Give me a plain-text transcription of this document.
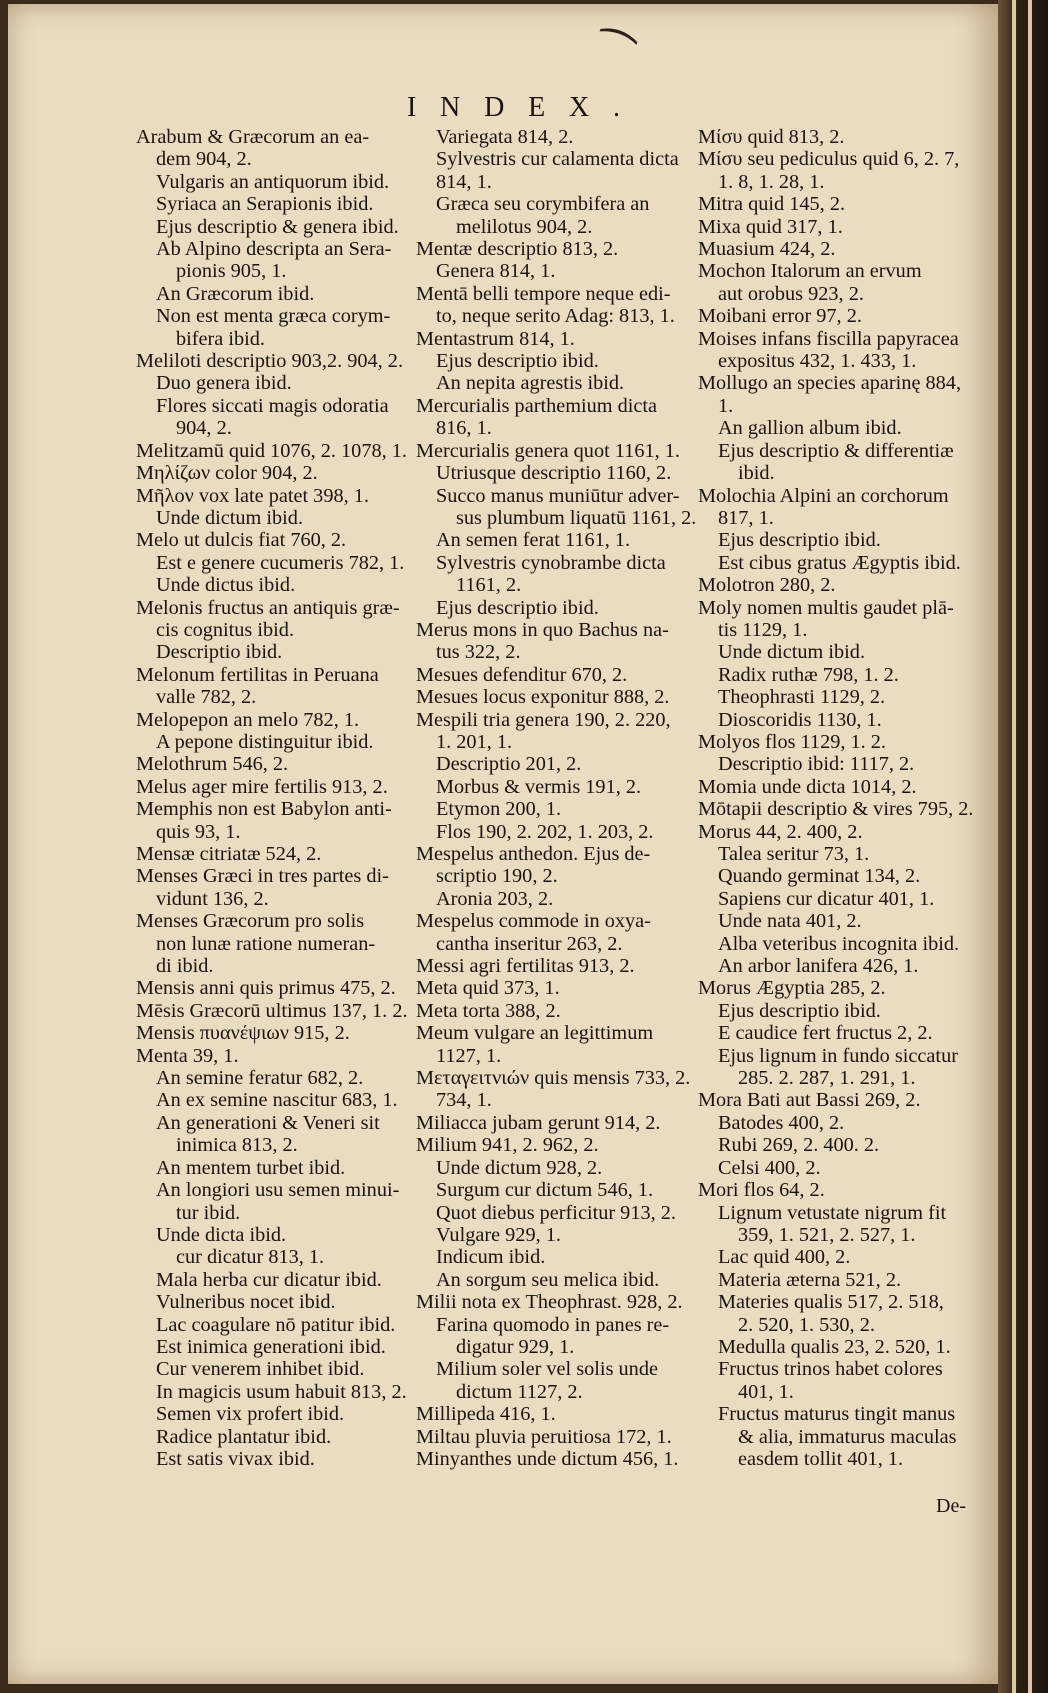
⁀
INDEX.
Arabum & Græcorum an ea-
dem 904, 2.
Vulgaris an antiquorum ibid.
Syriaca an Serapionis ibid.
Ejus descriptio & genera ibid.
Ab Alpino descripta an Sera-
pionis 905, 1.
An Græcorum ibid.
Non est menta græca corym-
bifera ibid.
Meliloti descriptio 903,2. 904, 2.
Duo genera ibid.
Flores siccati magis odoratia
904, 2.
Melitzamū quid 1076, 2. 1078, 1.
Μηλίζων color 904, 2.
Μῆλον vox late patet 398, 1.
Unde dictum ibid.
Melo ut dulcis fiat 760, 2.
Est e genere cucumeris 782, 1.
Unde dictus ibid.
Melonis fructus an antiquis græ-
cis cognitus ibid.
Descriptio ibid.
Melonum fertilitas in Peruana
valle 782, 2.
Melopepon an melo 782, 1.
A pepone distinguitur ibid.
Melothrum 546, 2.
Melus ager mire fertilis 913, 2.
Memphis non est Babylon anti-
quis 93, 1.
Mensæ citriatæ 524, 2.
Menses Græci in tres partes di-
vidunt 136, 2.
Menses Græcorum pro solis
non lunæ ratione numeran-
di ibid.
Mensis anni quis primus 475, 2.
Mēsis Græcorū ultimus 137, 1. 2.
Mensis πυανέψιων 915, 2.
Menta 39, 1.
An semine feratur 682, 2.
An ex semine nascitur 683, 1.
An generationi & Veneri sit
inimica 813, 2.
An mentem turbet ibid.
An longiori usu semen minui-
tur ibid.
Unde dicta ibid.
cur dicatur 813, 1.
Mala herba cur dicatur ibid.
Vulneribus nocet ibid.
Lac coagulare nō patitur ibid.
Est inimica generationi ibid.
Cur venerem inhibet ibid.
In magicis usum habuit 813, 2.
Semen vix profert ibid.
Radice plantatur ibid.
Est satis vivax ibid.
Variegata 814, 2.
Sylvestris cur calamenta dicta
814, 1.
Græca seu corymbifera an
melilotus 904, 2.
Mentæ descriptio 813, 2.
Genera 814, 1.
Mentā belli tempore neque edi-
to, neque serito Adag: 813, 1.
Mentastrum 814, 1.
Ejus descriptio ibid.
An nepita agrestis ibid.
Mercurialis parthemium dicta
816, 1.
Mercurialis genera quot 1161, 1.
Utriusque descriptio 1160, 2.
Succo manus muniūtur adver-
sus plumbum liquatū 1161, 2.
An semen ferat 1161, 1.
Sylvestris cynobrambe dicta
1161, 2.
Ejus descriptio ibid.
Merus mons in quo Bachus na-
tus 322, 2.
Mesues defenditur 670, 2.
Mesues locus exponitur 888, 2.
Mespili tria genera 190, 2. 220,
1. 201, 1.
Descriptio 201, 2.
Morbus & vermis 191, 2.
Etymon 200, 1.
Flos 190, 2. 202, 1. 203, 2.
Mespelus anthedon. Ejus de-
scriptio 190, 2.
Aronia 203, 2.
Mespelus commode in oxya-
cantha inseritur 263, 2.
Messi agri fertilitas 913, 2.
Meta quid 373, 1.
Meta torta 388, 2.
Meum vulgare an legittimum
1127, 1.
Μεταγειτνιών quis mensis 733, 2.
734, 1.
Miliacca jubam gerunt 914, 2.
Milium 941, 2. 962, 2.
Unde dictum 928, 2.
Surgum cur dictum 546, 1.
Quot diebus perficitur 913, 2.
Vulgare 929, 1.
Indicum ibid.
An sorgum seu melica ibid.
Milii nota ex Theophrast. 928, 2.
Farina quomodo in panes re-
digatur 929, 1.
Milium soler vel solis unde
dictum 1127, 2.
Millipeda 416, 1.
Miltau pluvia peruitiosa 172, 1.
Minyanthes unde dictum 456, 1.
Μίσυ quid 813, 2.
Μίσυ seu pediculus quid 6, 2. 7,
1. 8, 1. 28, 1.
Mitra quid 145, 2.
Mixa quid 317, 1.
Muasium 424, 2.
Mochon Italorum an ervum
aut orobus 923, 2.
Moibani error 97, 2.
Moises infans fiscilla papyracea
expositus 432, 1. 433, 1.
Mollugo an species aparinę 884,
1.
An gallion album ibid.
Ejus descriptio & differentiæ
ibid.
Molochia Alpini an corchorum
817, 1.
Ejus descriptio ibid.
Est cibus gratus Ægyptis ibid.
Molotron 280, 2.
Moly nomen multis gaudet plā-
tis 1129, 1.
Unde dictum ibid.
Radix ruthæ 798, 1. 2.
Theophrasti 1129, 2.
Dioscoridis 1130, 1.
Molyos flos 1129, 1. 2.
Descriptio ibid: 1117, 2.
Momia unde dicta 1014, 2.
Mōtapii descriptio & vires 795, 2.
Morus 44, 2. 400, 2.
Talea seritur 73, 1.
Quando germinat 134, 2.
Sapiens cur dicatur 401, 1.
Unde nata 401, 2.
Alba veteribus incognita ibid.
An arbor lanifera 426, 1.
Morus Ægyptia 285, 2.
Ejus descriptio ibid.
E caudice fert fructus 2, 2.
Ejus lignum in fundo siccatur
285. 2. 287, 1. 291, 1.
Mora Bati aut Bassi 269, 2.
Batodes 400, 2.
Rubi 269, 2. 400. 2.
Celsi 400, 2.
Mori flos 64, 2.
Lignum vetustate nigrum fit
359, 1. 521, 2. 527, 1.
Lac quid 400, 2.
Materia æterna 521, 2.
Materies qualis 517, 2. 518,
2. 520, 1. 530, 2.
Medulla qualis 23, 2. 520, 1.
Fructus trinos habet colores
401, 1.
Fructus maturus tingit manus
& alia, immaturus maculas
easdem tollit 401, 1.
De-
